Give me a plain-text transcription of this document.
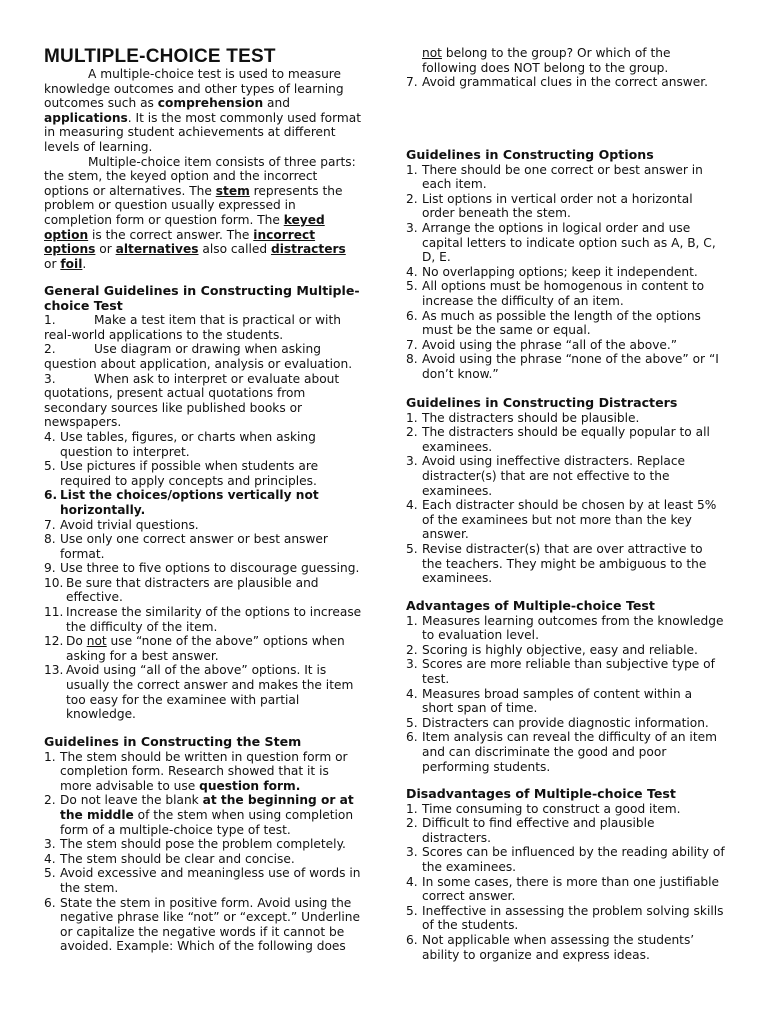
MULTIPLE-CHOICE TEST

A multiple-choice test is used to measure knowledge outcomes and other types of learning outcomes such as comprehension and applications. It is the most commonly used format in measuring student achievements at different levels of learning.

Multiple-choice item consists of three parts: the stem, the keyed option and the incorrect options or alternatives. The stem represents the problem or question usually expressed in completion form or question form. The keyed option is the correct answer. The incorrect options or alternatives also called distracters or foil.

General Guidelines in Constructing Multiple-choice Test

1.	Make a test item that is practical or with real-world applications to the students.
2.	Use diagram or drawing when asking question about application, analysis or evaluation.
3.	When ask to interpret or evaluate about quotations, present actual quotations from secondary sources like published books or newspapers.
4. Use tables, figures, or charts when asking question to interpret.
5. Use pictures if possible when students are required to apply concepts and principles.
6. List the choices/options vertically not horizontally.
7. Avoid trivial questions.
8. Use only one correct answer or best answer format.
9. Use three to five options to discourage guessing.
10. Be sure that distracters are plausible and effective.
11. Increase the similarity of the options to increase the difficulty of the item.
12. Do not use “none of the above” options when asking for a best answer.
13. Avoid using “all of the above” options. It is usually the correct answer and makes the item too easy for the examinee with partial knowledge.

Guidelines in Constructing the Stem

1. The stem should be written in question form or completion form. Research showed that it is more advisable to use question form.
2. Do not leave the blank at the beginning or at the middle of the stem when using completion form of a multiple-choice type of test.
3. The stem should pose the problem completely.
4. The stem should be clear and concise.
5. Avoid excessive and meaningless use of words in the stem.
6. State the stem in positive form. Avoid using the negative phrase like “not” or “except.” Underline or capitalize the negative words if it cannot be avoided. Example: Which of the following does
not belong to the group? Or which of the following does NOT belong to the group.
7. Avoid grammatical clues in the correct answer.

Guidelines in Constructing Options

1. There should be one correct or best answer in each item.
2. List options in vertical order not a horizontal order beneath the stem.
3. Arrange the options in logical order and use capital letters to indicate option such as A, B, C, D, E.
4. No overlapping options; keep it independent.
5. All options must be homogenous in content to increase the difficulty of an item.
6. As much as possible the length of the options must be the same or equal.
7. Avoid using the phrase “all of the above.”
8. Avoid using the phrase “none of the above” or “I don’t know.”

Guidelines in Constructing Distracters

1. The distracters should be plausible.
2. The distracters should be equally popular to all examinees.
3. Avoid using ineffective distracters. Replace distracter(s) that are not effective to the examinees.
4. Each distracter should be chosen by at least 5% of the examinees but not more than the key answer.
5. Revise distracter(s) that are over attractive to the teachers. They might be ambiguous to the examinees.

Advantages of Multiple-choice Test

1. Measures learning outcomes from the knowledge to evaluation level.
2. Scoring is highly objective, easy and reliable.
3. Scores are more reliable than subjective type of test.
4. Measures broad samples of content within a short span of time.
5. Distracters can provide diagnostic information.
6. Item analysis can reveal the difficulty of an item and can discriminate the good and poor performing students.

Disadvantages of Multiple-choice Test

1. Time consuming to construct a good item.
2. Difficult to find effective and plausible distracters.
3. Scores can be influenced by the reading ability of the examinees.
4. In some cases, there is more than one justifiable correct answer.
5. Ineffective in assessing the problem solving skills of the students.
6. Not applicable when assessing the students’ ability to organize and express ideas.
